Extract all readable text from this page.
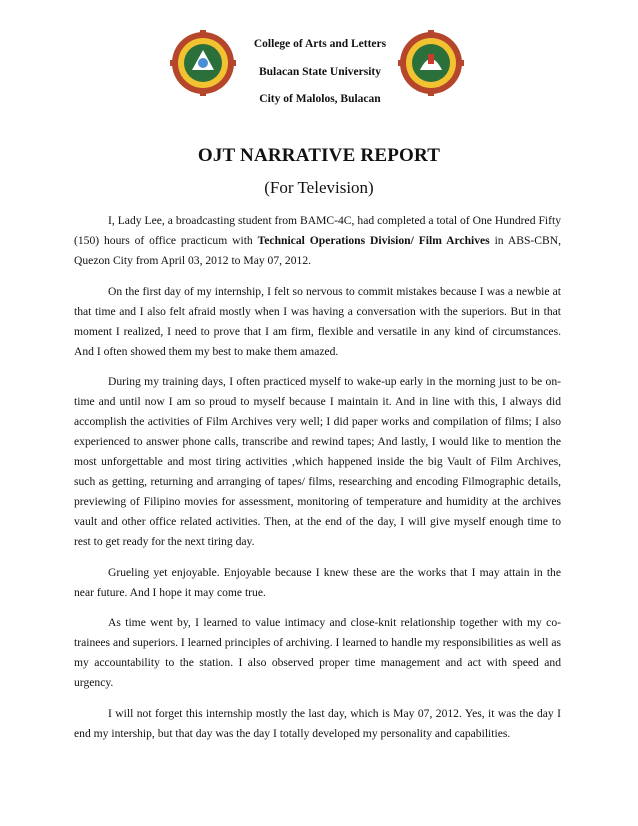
College of Arts and Letters
Bulacan State University
City of Malolos, Bulacan
OJT NARRATIVE REPORT
(For Television)

I, Lady Lee, a broadcasting student from BAMC-4C, had completed a total of One Hundred Fifty (150) hours of office practicum with Technical Operations Division/ Film Archives in ABS-CBN, Quezon City from April 03, 2012 to May 07, 2012.

On the first day of my internship, I felt so nervous to commit mistakes because I was a newbie at that time and I also felt afraid mostly when I was having a conversation with the superiors. But in that moment I realized, I need to prove that I am firm, flexible and versatile in any kind of circumstances. And I often showed them my best to make them amazed.

During my training days, I often practiced myself to wake-up early in the morning just to be on-time and until now I am so proud to myself because I maintain it. And in line with this, I always did accomplish the activities of Film Archives very well; I did paper works and compilation of films; I also experienced to answer phone calls, transcribe and rewind tapes; And lastly, I would like to mention the most unforgettable and most tiring activities ,which happened inside the big Vault of Film Archives, such as getting, returning and arranging of tapes/ films, researching and encoding Filmographic details, previewing of Filipino movies for assessment, monitoring of temperature and humidity at the archives vault and other office related activities. Then, at the end of the day, I will give myself enough time to rest to get ready for the next tiring day.

Grueling yet enjoyable. Enjoyable because I knew these are the works that I may attain in the near future. And I hope it may come true.

As time went by, I learned to value intimacy and close-knit relationship together with my co-trainees and superiors. I learned principles of archiving. I learned to handle my responsibilities as well as my accountability to the station. I also observed proper time management and act with speed and urgency.

I will not forget this internship mostly the last day, which is May 07, 2012. Yes, it was the day I end my intership, but that day was the day I totally developed my personality and capabilities.
